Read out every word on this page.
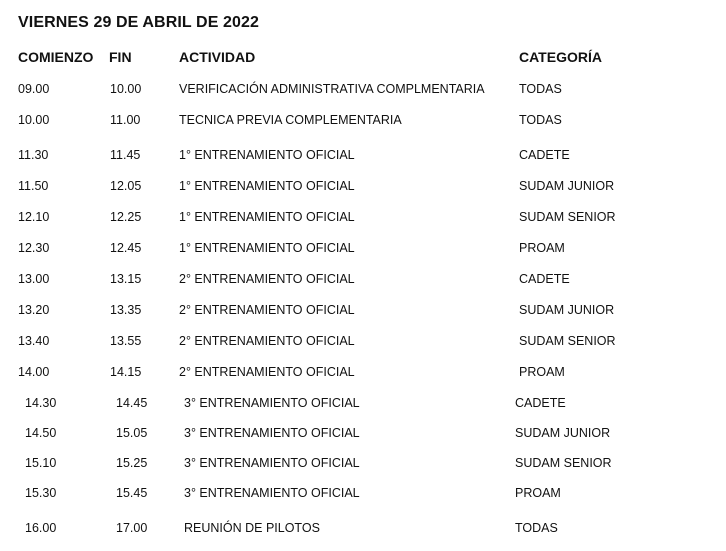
VIERNES 29 DE ABRIL DE 2022
COMIENZO FIN	ACTIVIDAD	CATEGORÍA
09.00	10.00	VERIFICACIÓN ADMINISTRATIVA COMPLMENTARIA	TODAS
10.00	11.00	TECNICA PREVIA COMPLEMENTARIA	TODAS
11.30	11.45	1° ENTRENAMIENTO OFICIAL	CADETE
11.50	12.05	1° ENTRENAMIENTO OFICIAL	SUDAM JUNIOR
12.10	12.25	1° ENTRENAMIENTO OFICIAL	SUDAM SENIOR
12.30	12.45	1° ENTRENAMIENTO OFICIAL	PROAM
13.00	13.15	2° ENTRENAMIENTO OFICIAL	CADETE
13.20	13.35	2° ENTRENAMIENTO OFICIAL	SUDAM JUNIOR
13.40	13.55	2° ENTRENAMIENTO OFICIAL	SUDAM SENIOR
14.00	14.15	2° ENTRENAMIENTO OFICIAL	PROAM
14.30	14.45	3° ENTRENAMIENTO OFICIAL	CADETE
14.50	15.05	3° ENTRENAMIENTO OFICIAL	SUDAM JUNIOR
15.10	15.25	3° ENTRENAMIENTO OFICIAL	SUDAM SENIOR
15.30	15.45	3° ENTRENAMIENTO OFICIAL	PROAM
16.00	17.00	REUNIÓN DE PILOTOS	TODAS
